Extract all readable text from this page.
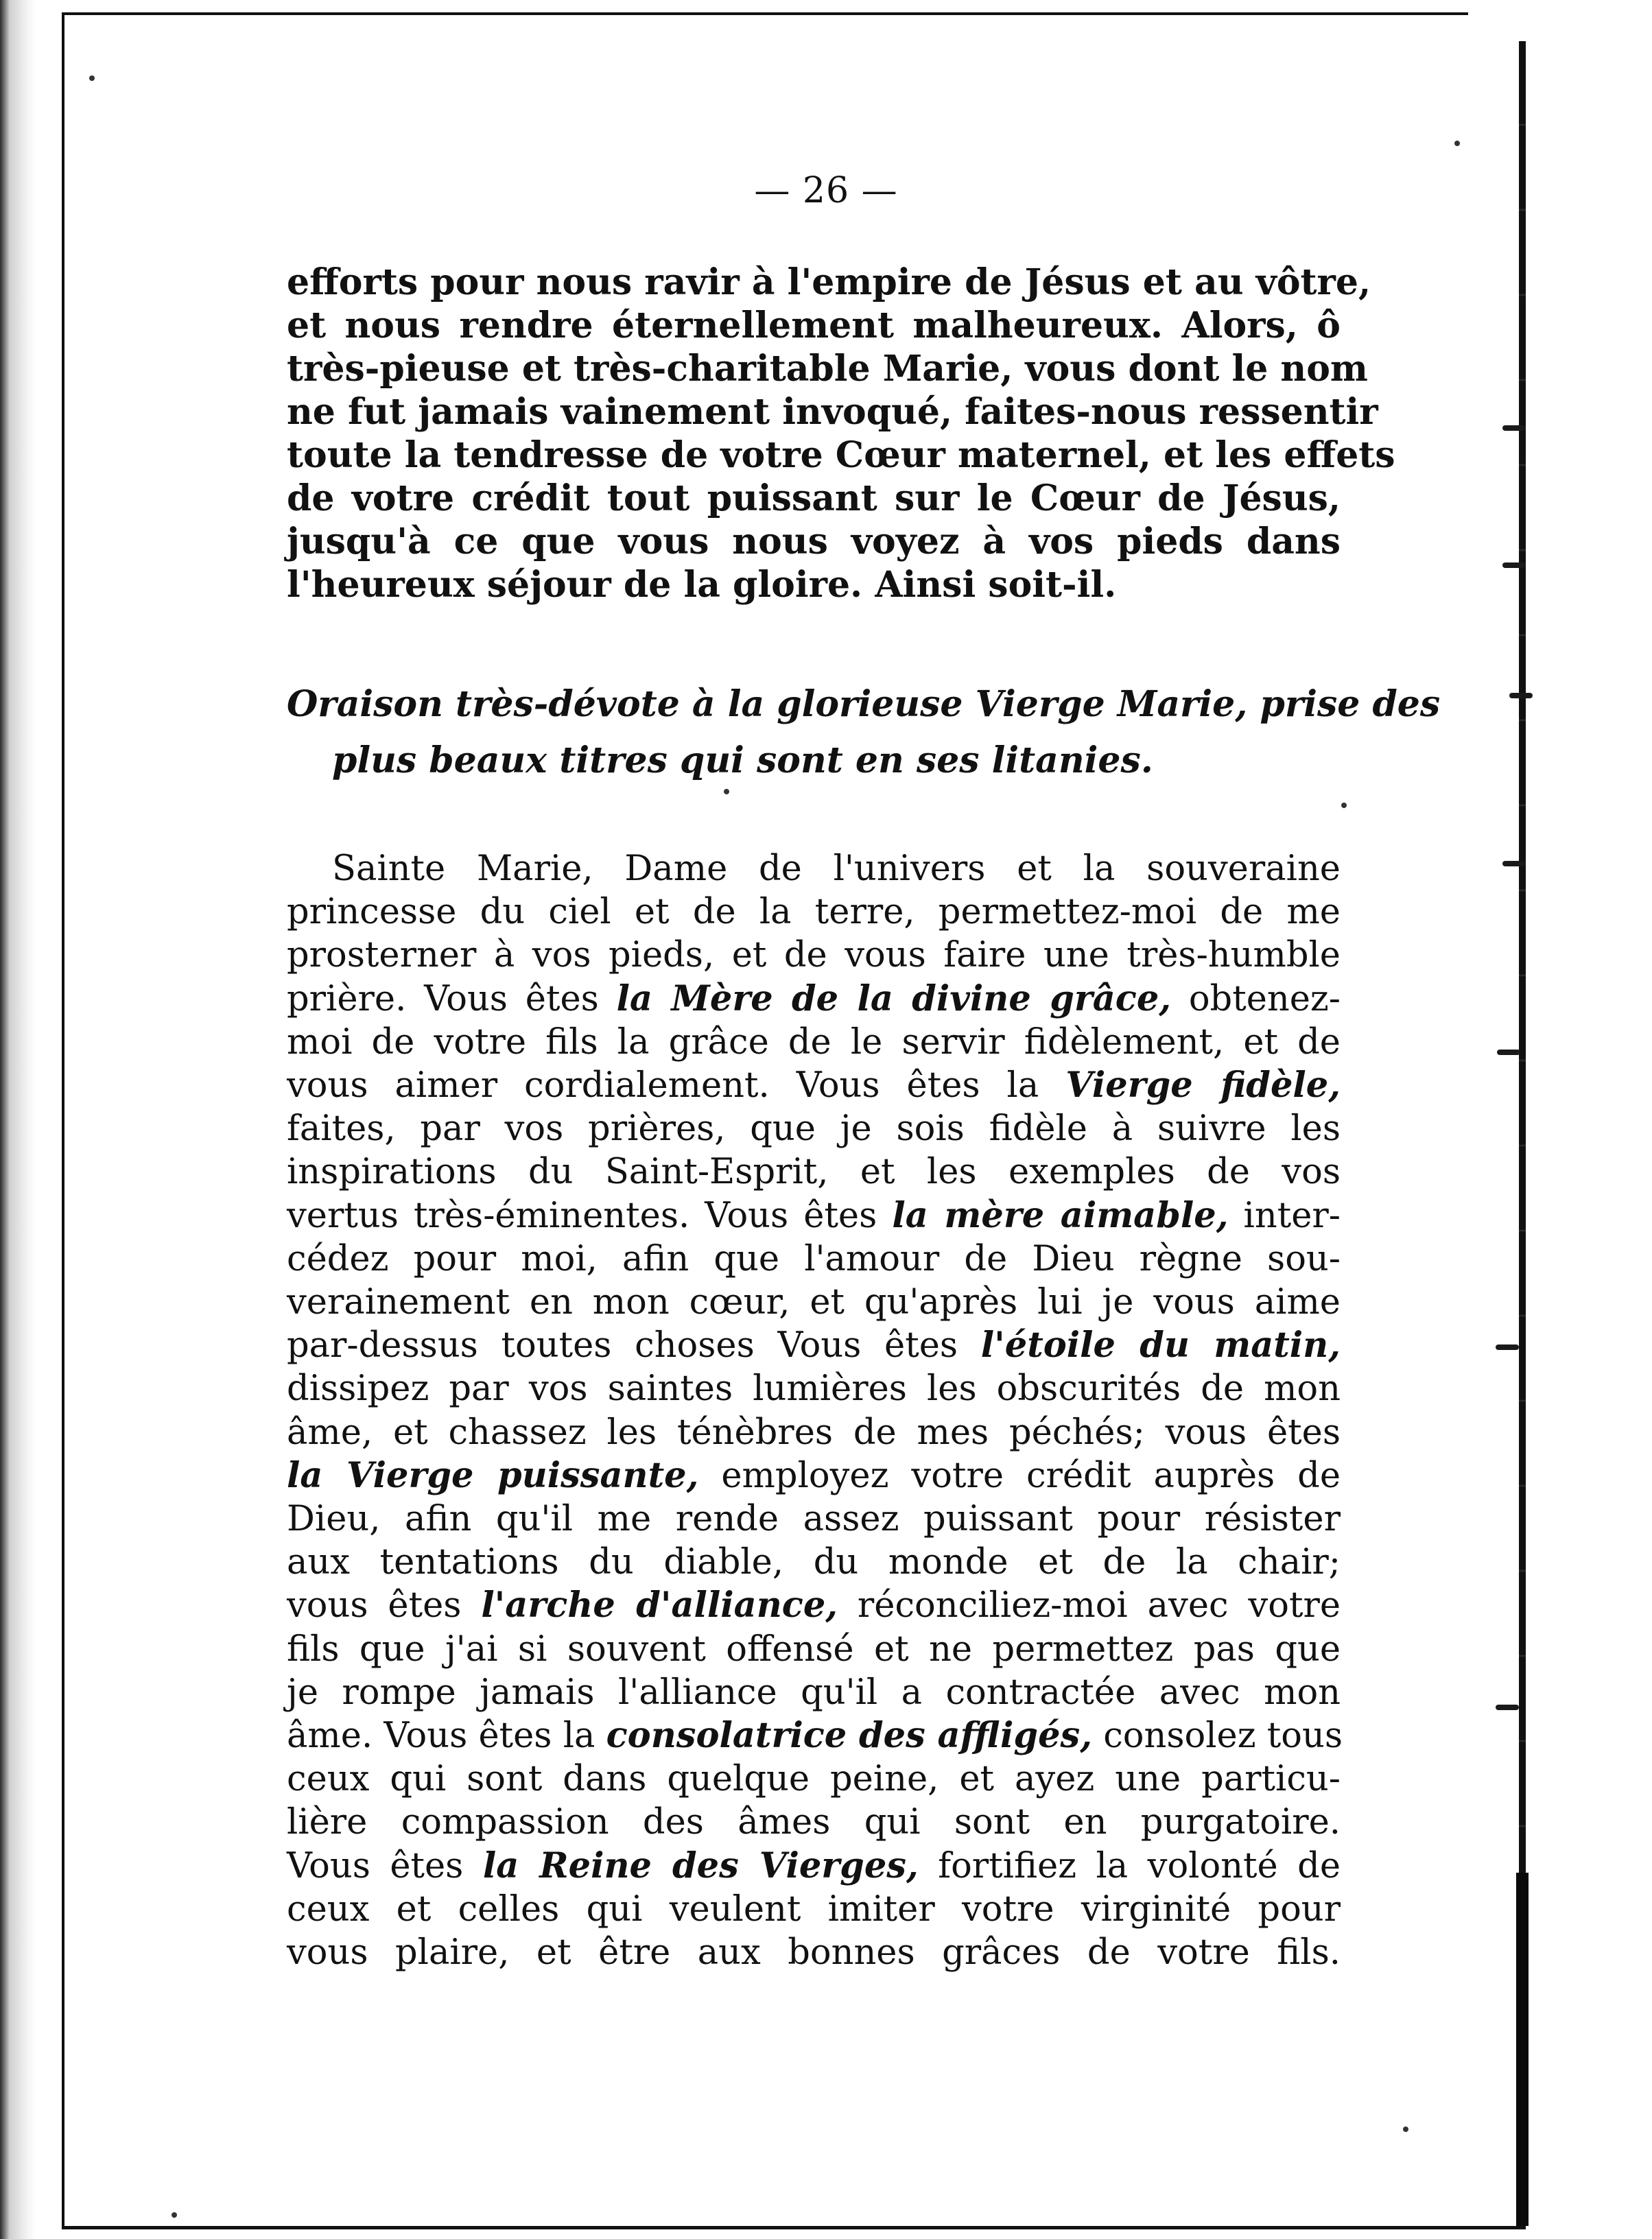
— 26 —
efforts pour nous ravir à l'empire de Jésus et au vôtre,
et nous rendre éternellement malheureux. Alors, ô
très-pieuse et très-charitable Marie, vous dont le nom
ne fut jamais vainement invoqué, faites-nous ressentir
toute la tendresse de votre Cœur maternel, et les effets
de votre crédit tout puissant sur le Cœur de Jésus,
jusqu'à ce que vous nous voyez à vos pieds dans
l'heureux séjour de la gloire. Ainsi soit-il.
Oraison très-dévote à la glorieuse Vierge Marie, prise des
plus beaux titres qui sont en ses litanies.
Sainte Marie, Dame de l'univers et la souveraine
princesse du ciel et de la terre, permettez-moi de me
prosterner à vos pieds, et de vous faire une très-humble
prière. Vous êtes la Mère de la divine grâce, obtenez-
moi de votre fils la grâce de le servir fidèlement, et de
vous aimer cordialement. Vous êtes la Vierge fidèle,
faites, par vos prières, que je sois fidèle à suivre les
inspirations du Saint-Esprit, et les exemples de vos
vertus très-éminentes. Vous êtes la mère aimable, inter-
cédez pour moi, afin que l'amour de Dieu règne sou-
verainement en mon cœur, et qu'après lui je vous aime
par-dessus toutes choses Vous êtes l'étoile du matin,
dissipez par vos saintes lumières les obscurités de mon
âme, et chassez les ténèbres de mes péchés; vous êtes
la Vierge puissante, employez votre crédit auprès de
Dieu, afin qu'il me rende assez puissant pour résister
aux tentations du diable, du monde et de la chair;
vous êtes l'arche d'alliance, réconciliez-moi avec votre
fils que j'ai si souvent offensé et ne permettez pas que
je rompe jamais l'alliance qu'il a contractée avec mon
âme. Vous êtes la consolatrice des affligés, consolez tous
ceux qui sont dans quelque peine, et ayez une particu-
lière compassion des âmes qui sont en purgatoire.
Vous êtes la Reine des Vierges, fortifiez la volonté de
ceux et celles qui veulent imiter votre virginité pour
vous plaire, et être aux bonnes grâces de votre fils.
